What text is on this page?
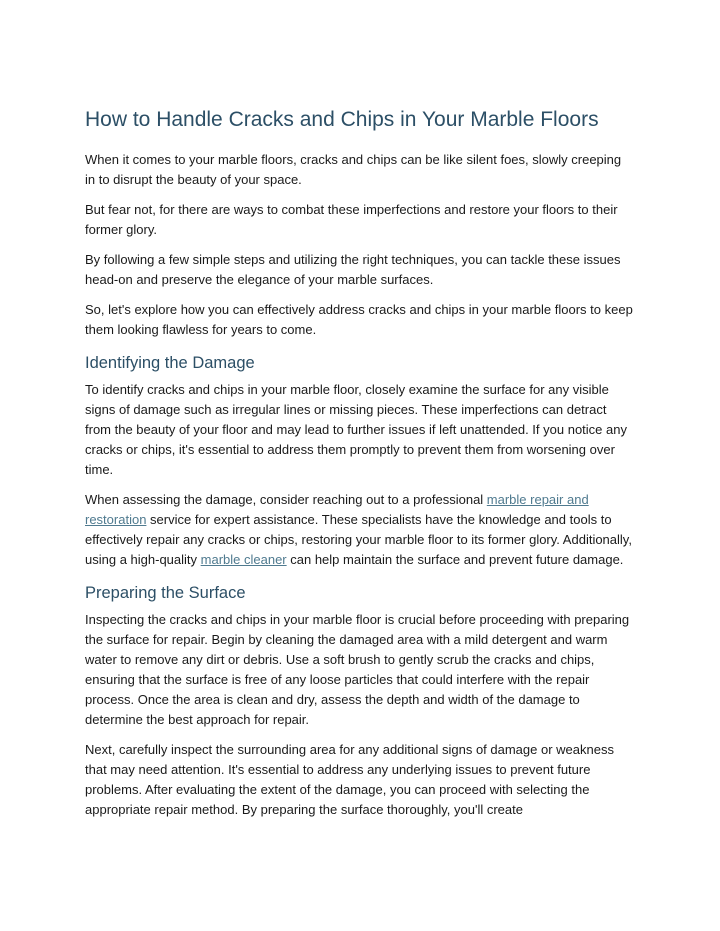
How to Handle Cracks and Chips in Your Marble Floors

When it comes to your marble floors, cracks and chips can be like silent foes, slowly creeping in to disrupt the beauty of your space.

But fear not, for there are ways to combat these imperfections and restore your floors to their former glory.

By following a few simple steps and utilizing the right techniques, you can tackle these issues head-on and preserve the elegance of your marble surfaces.

So, let's explore how you can effectively address cracks and chips in your marble floors to keep them looking flawless for years to come.

Identifying the Damage

To identify cracks and chips in your marble floor, closely examine the surface for any visible signs of damage such as irregular lines or missing pieces. These imperfections can detract from the beauty of your floor and may lead to further issues if left unattended. If you notice any cracks or chips, it's essential to address them promptly to prevent them from worsening over time.

When assessing the damage, consider reaching out to a professional marble repair and restoration service for expert assistance. These specialists have the knowledge and tools to effectively repair any cracks or chips, restoring your marble floor to its former glory. Additionally, using a high-quality marble cleaner can help maintain the surface and prevent future damage.

Preparing the Surface

Inspecting the cracks and chips in your marble floor is crucial before proceeding with preparing the surface for repair. Begin by cleaning the damaged area with a mild detergent and warm water to remove any dirt or debris. Use a soft brush to gently scrub the cracks and chips, ensuring that the surface is free of any loose particles that could interfere with the repair process. Once the area is clean and dry, assess the depth and width of the damage to determine the best approach for repair.

Next, carefully inspect the surrounding area for any additional signs of damage or weakness that may need attention. It's essential to address any underlying issues to prevent future problems. After evaluating the extent of the damage, you can proceed with selecting the appropriate repair method. By preparing the surface thoroughly, you'll create
